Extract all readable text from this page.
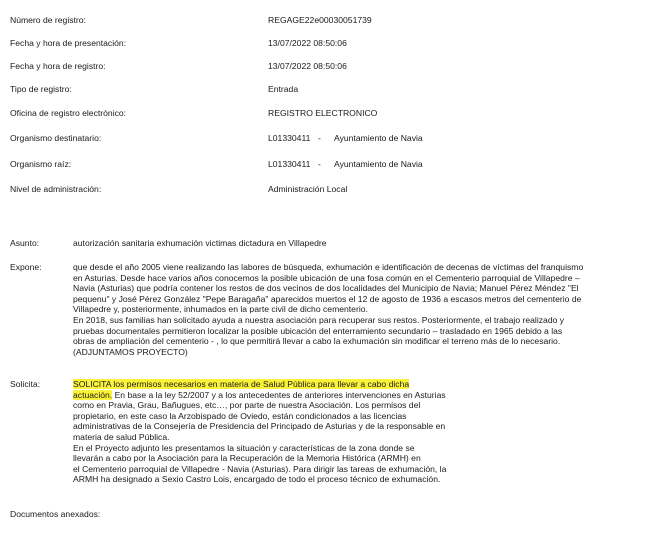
Número de registro:	REGAGE22e00030051739
Fecha y hora de presentación:	13/07/2022 08:50:06
Fecha y hora de registro:	13/07/2022 08:50:06
Tipo de registro:	Entrada
Oficina de registro electrónico:	REGISTRO ELECTRONICO
Organismo destinatario:	L01330411 - Ayuntamiento de Navia
Organismo raíz:	L01330411 - Ayuntamiento de Navia
Nivel de administración:	Administración Local
Asunto:	autorización sanitaria exhumación victimas dictadura en Villapedre
Expone:	que desde el año 2005 viene realizando las labores de búsqueda, exhumación e identificación de decenas de víctimas del franquismo
en Asturias. Desde hace varios años conocemos la posible ubicación de una fosa común en el Cementerio parroquial de Villapedre –
Navia (Asturias) que podría contener los restos de dos vecinos de dos localidades del Municipio de Navia; Manuel Pérez Méndez "El
pequenu" y José Pérez González "Pepe Baragaña" aparecidos muertos el 12 de agosto de 1936 a escasos metros del cementerio de
Villapedre y, posteriormente, inhumados en la parte civil de dicho cementerio.
En 2018, sus familias han solicitado ayuda a nuestra asociación para recuperar sus restos. Posteriormente, el trabajo realizado y
pruebas documentales permitieron localizar la posible ubicación del enterramiento secundario – trasladado en 1965 debido a las
obras de ampliación del cementerio - , lo que permitirá llevar a cabo la exhumación sin modificar el terreno más de lo necesario.
(ADJUNTAMOS PROYECTO)
Solicita:	SOLICITA los permisos necesarios en materia de Salud Pública para llevar a cabo dicha
actuación. En base a la ley 52/2007 y a los antecedentes de anteriores intervenciones en Asturias
como en Pravia, Grau, Bañugues, etc…, por parte de nuestra Asociación. Los permisos del
propietario, en este caso la Arzobispado de Oviedo, están condicionados a las licencias
administrativas de la Consejería de Presidencia del Principado de Asturias y de la responsable en
materia de salud Pública.
En el Proyecto adjunto les presentamos la situación y características de la zona donde se
llevarán a cabo por la Asociación para la Recuperación de la Memoria Histórica (ARMH) en
el Cementerio parroquial de Villapedre - Navia (Asturias). Para dirigir las tareas de exhumación, la
ARMH ha designado a Sexio Castro Lois, encargado de todo el proceso técnico de exhumación.
Documentos anexados:
